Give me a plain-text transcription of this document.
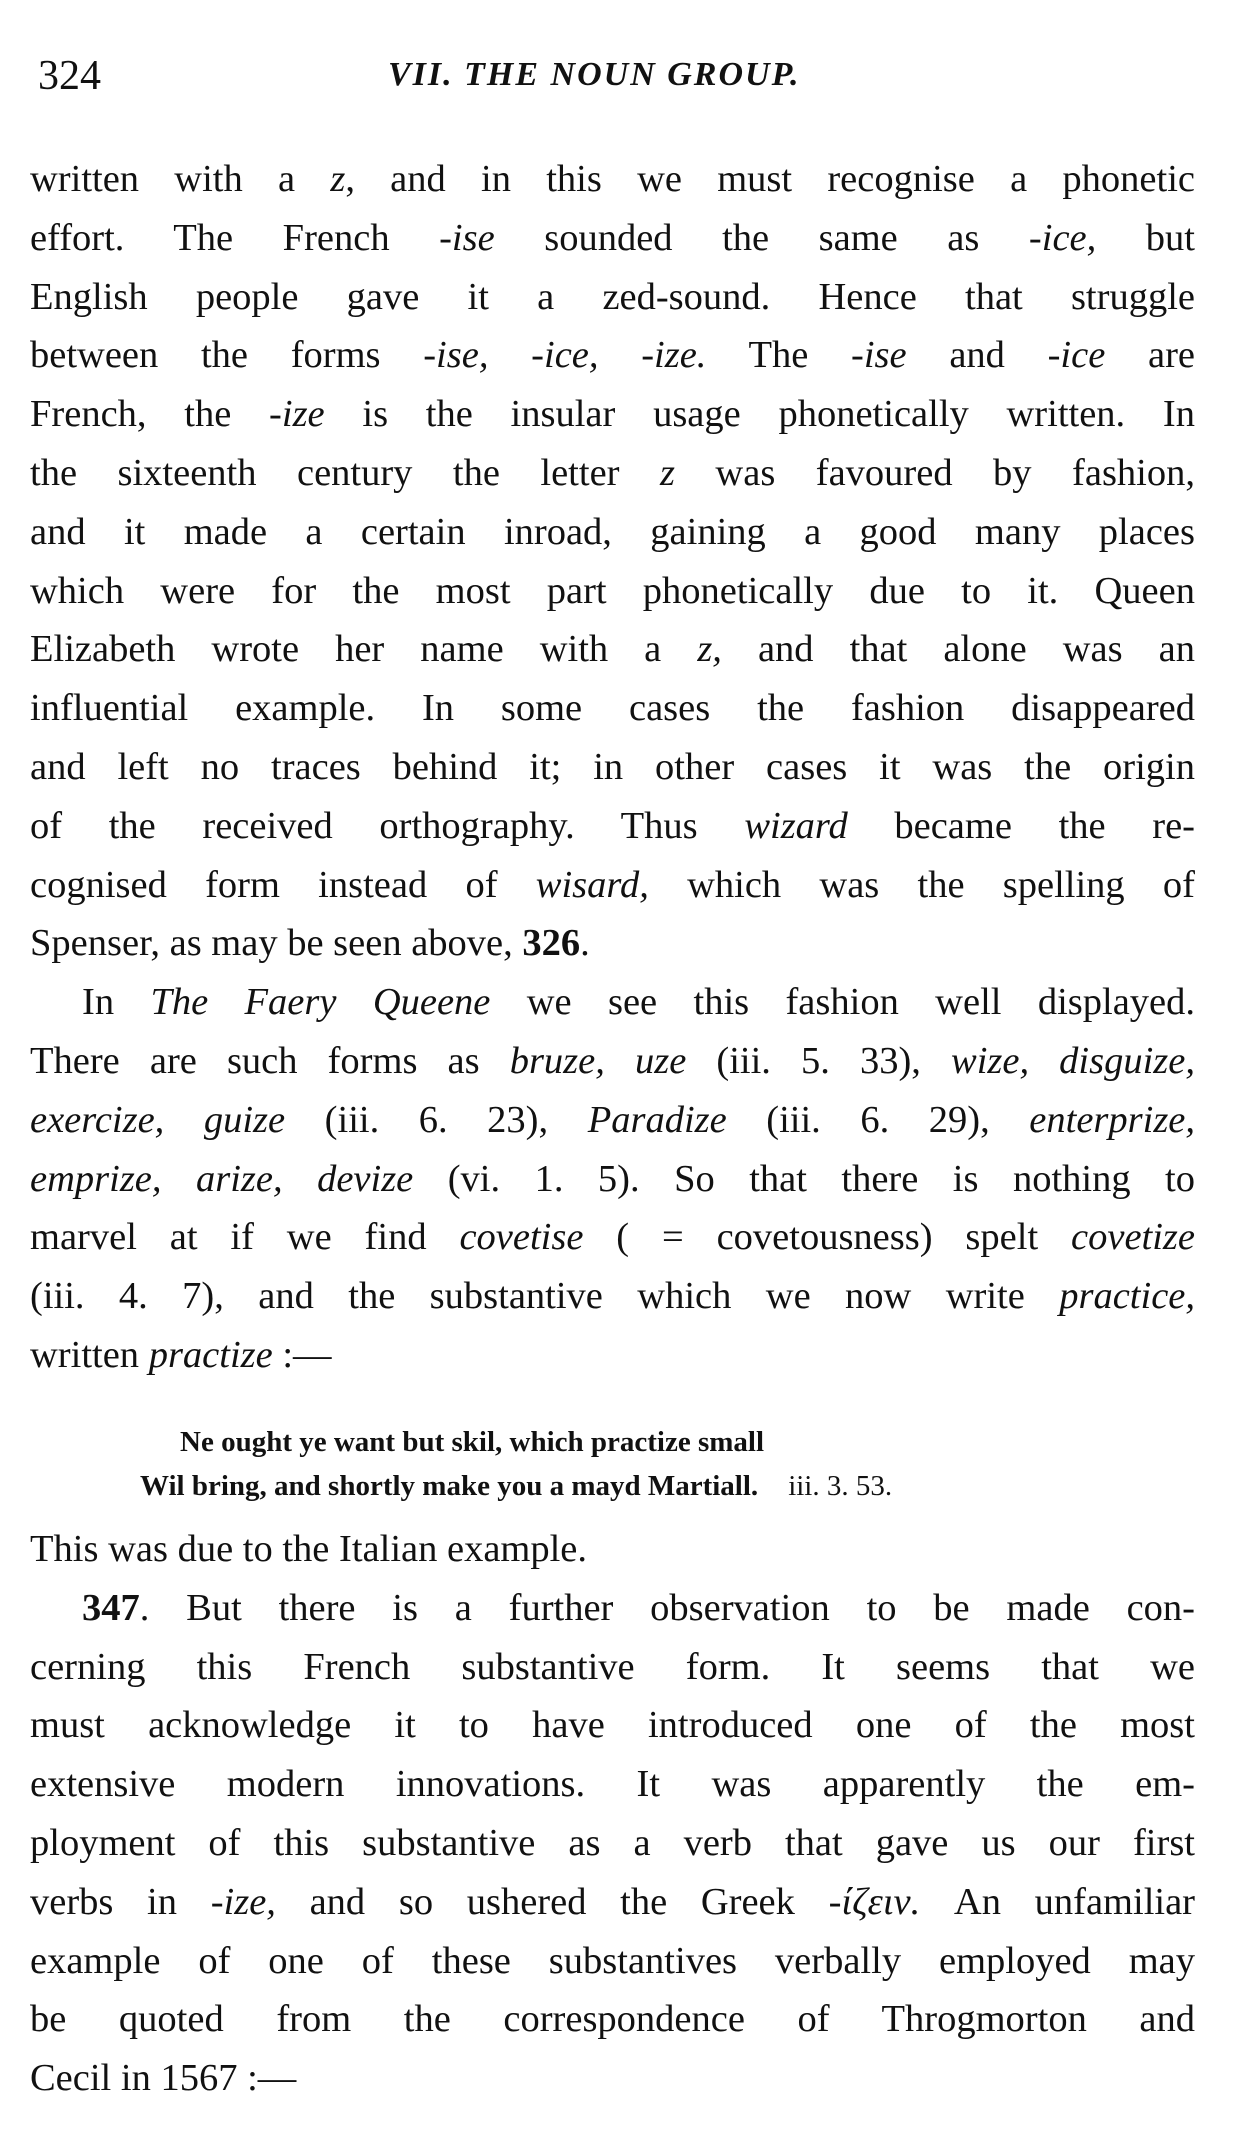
324	VII. THE NOUN GROUP.
written with a z, and in this we must recognise a phonetic
effort. The French -ise sounded the same as -ice, but
English people gave it a zed-sound. Hence that struggle
between the forms -ise, -ice, -ize. The -ise and -ice are
French, the -ize is the insular usage phonetically written. In
the sixteenth century the letter z was favoured by fashion,
and it made a certain inroad, gaining a good many places
which were for the most part phonetically due to it. Queen
Elizabeth wrote her name with a z, and that alone was an
influential example. In some cases the fashion disappeared
and left no traces behind it; in other cases it was the origin
of the received orthography. Thus wizard became the re-
cognised form instead of wisard, which was the spelling of
Spenser, as may be seen above, 326.
In The Faery Queene we see this fashion well displayed.
There are such forms as bruze, uze (iii. 5. 33), wize, disguize,
exercize, guize (iii. 6. 23), Paradize (iii. 6. 29), enterprize,
emprize, arize, devize (vi. 1. 5). So that there is nothing to
marvel at if we find covetise ( = covetousness) spelt covetize
(iii. 4. 7), and the substantive which we now write practice,
written practize :—
Ne ought ye want but skil, which practize small
Wil bring, and shortly make you a mayd Martiall. iii. 3. 53.
This was due to the Italian example.
347. But there is a further observation to be made con-
cerning this French substantive form. It seems that we
must acknowledge it to have introduced one of the most
extensive modern innovations. It was apparently the em-
ployment of this substantive as a verb that gave us our first
verbs in -ize, and so ushered the Greek -ίζειν. An unfamiliar
example of one of these substantives verbally employed may
be quoted from the correspondence of Throgmorton and
Cecil in 1567 :—
